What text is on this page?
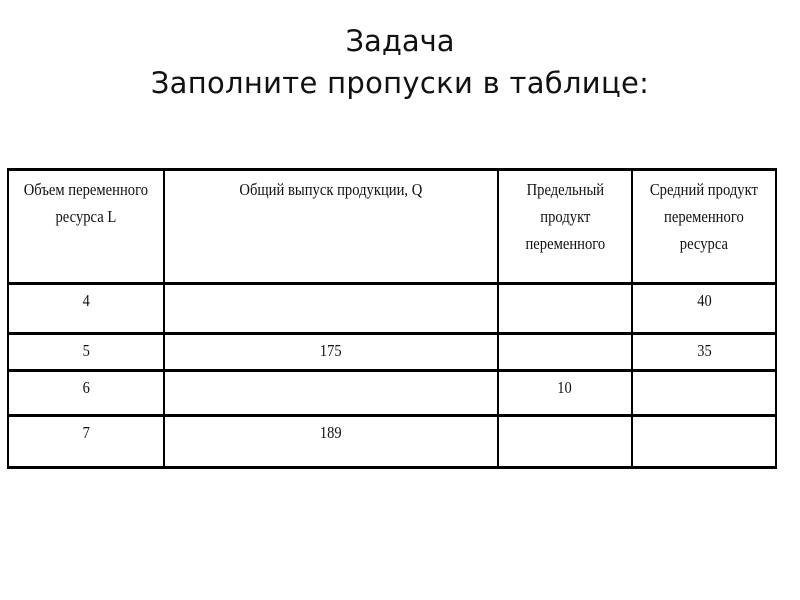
Задача
Заполните пропуски в таблице:
Объем переменного ресурса L	Общий выпуск продукции, Q	Предельный продукт переменного	Средний продукт переменного ресурса

4			40
5	175		35
6		10	
7	189		
